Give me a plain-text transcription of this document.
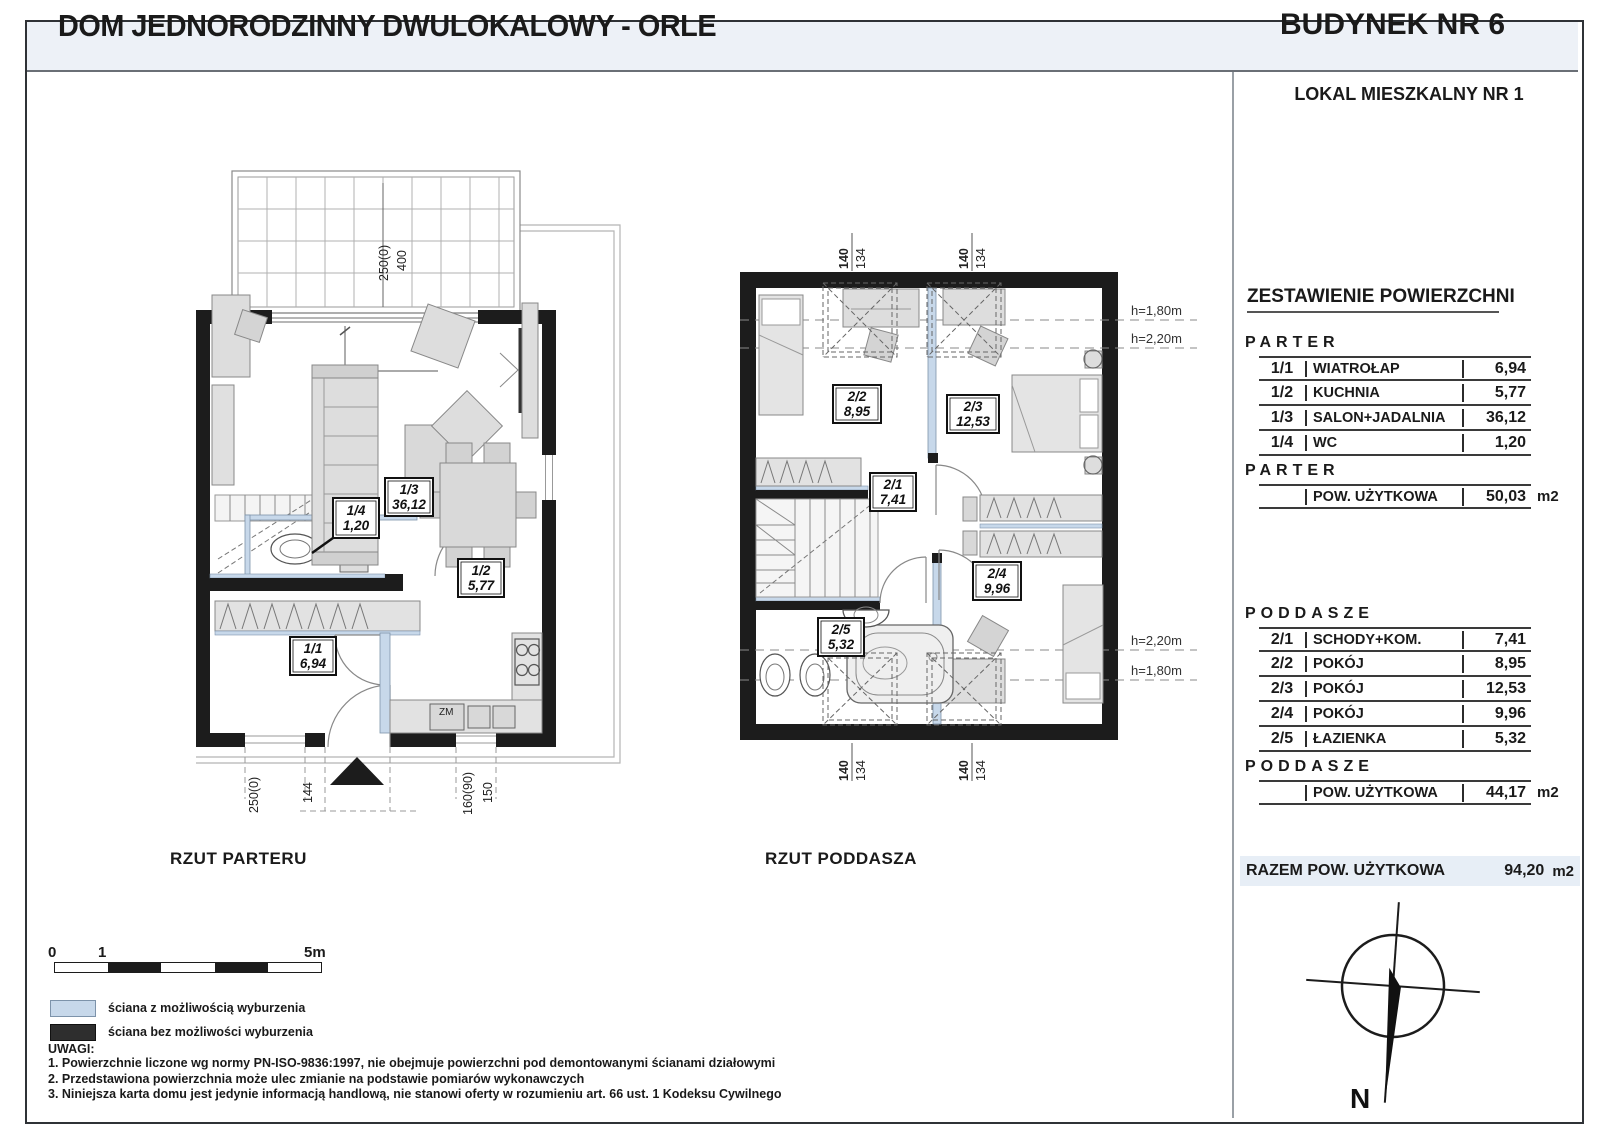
DOM JEDNORODZINNY DWULOKALOWY - ORLE	BUDYNEK NR 6
LOKAL MIESZKALNY NR 1
250(0) 400
ZM
1/3
36,12
1/4
1,20
1/1
6,94
1/2
5,77
250(0)	144	160(90) 150
140 134	140 134
h=1,80m
h=2,20m
h=2,20m
h=1,80m
2/2
8,95	2/3
12,53
2/1
7,41
2/4
9,96
2/5
5,32
140 134	140 134
RZUT PARTERU	RZUT PODDASZA
ZESTAWIENIE POWIERZCHNI
PARTER
1/1	WIATROŁAP	6,94
1/2	KUCHNIA	5,77
1/3	SALON+JADALNIA	36,12
1/4	WC	1,20
PARTER
POW. UŻYTKOWA	50,03 m2
PODDASZE
2/1	SCHODY+KOM.	7,41
2/2	POKÓJ	8,95
2/3	POKÓJ	12,53
2/4	POKÓJ	9,96
2/5	ŁAZIENKA	5,32
PODDASZE
POW. UŻYTKOWA	44,17 m2
RAZEM POW. UŻYTKOWA	94,20 m2
0	1	5m
ściana z możliwością wyburzenia
ściana bez możliwości wyburzenia
UWAGI:
1. Powierzchnie liczone wg normy PN-ISO-9836:1997, nie obejmuje powierzchni pod demontowanymi ścianami działowymi
2. Przedstawiona powierzchnia może ulec zmianie na podstawie pomiarów wykonawczych
3. Niniejsza karta domu jest jedynie informacją handlową, nie stanowi oferty w rozumieniu art. 66 ust. 1 Kodeksu Cywilnego	N
